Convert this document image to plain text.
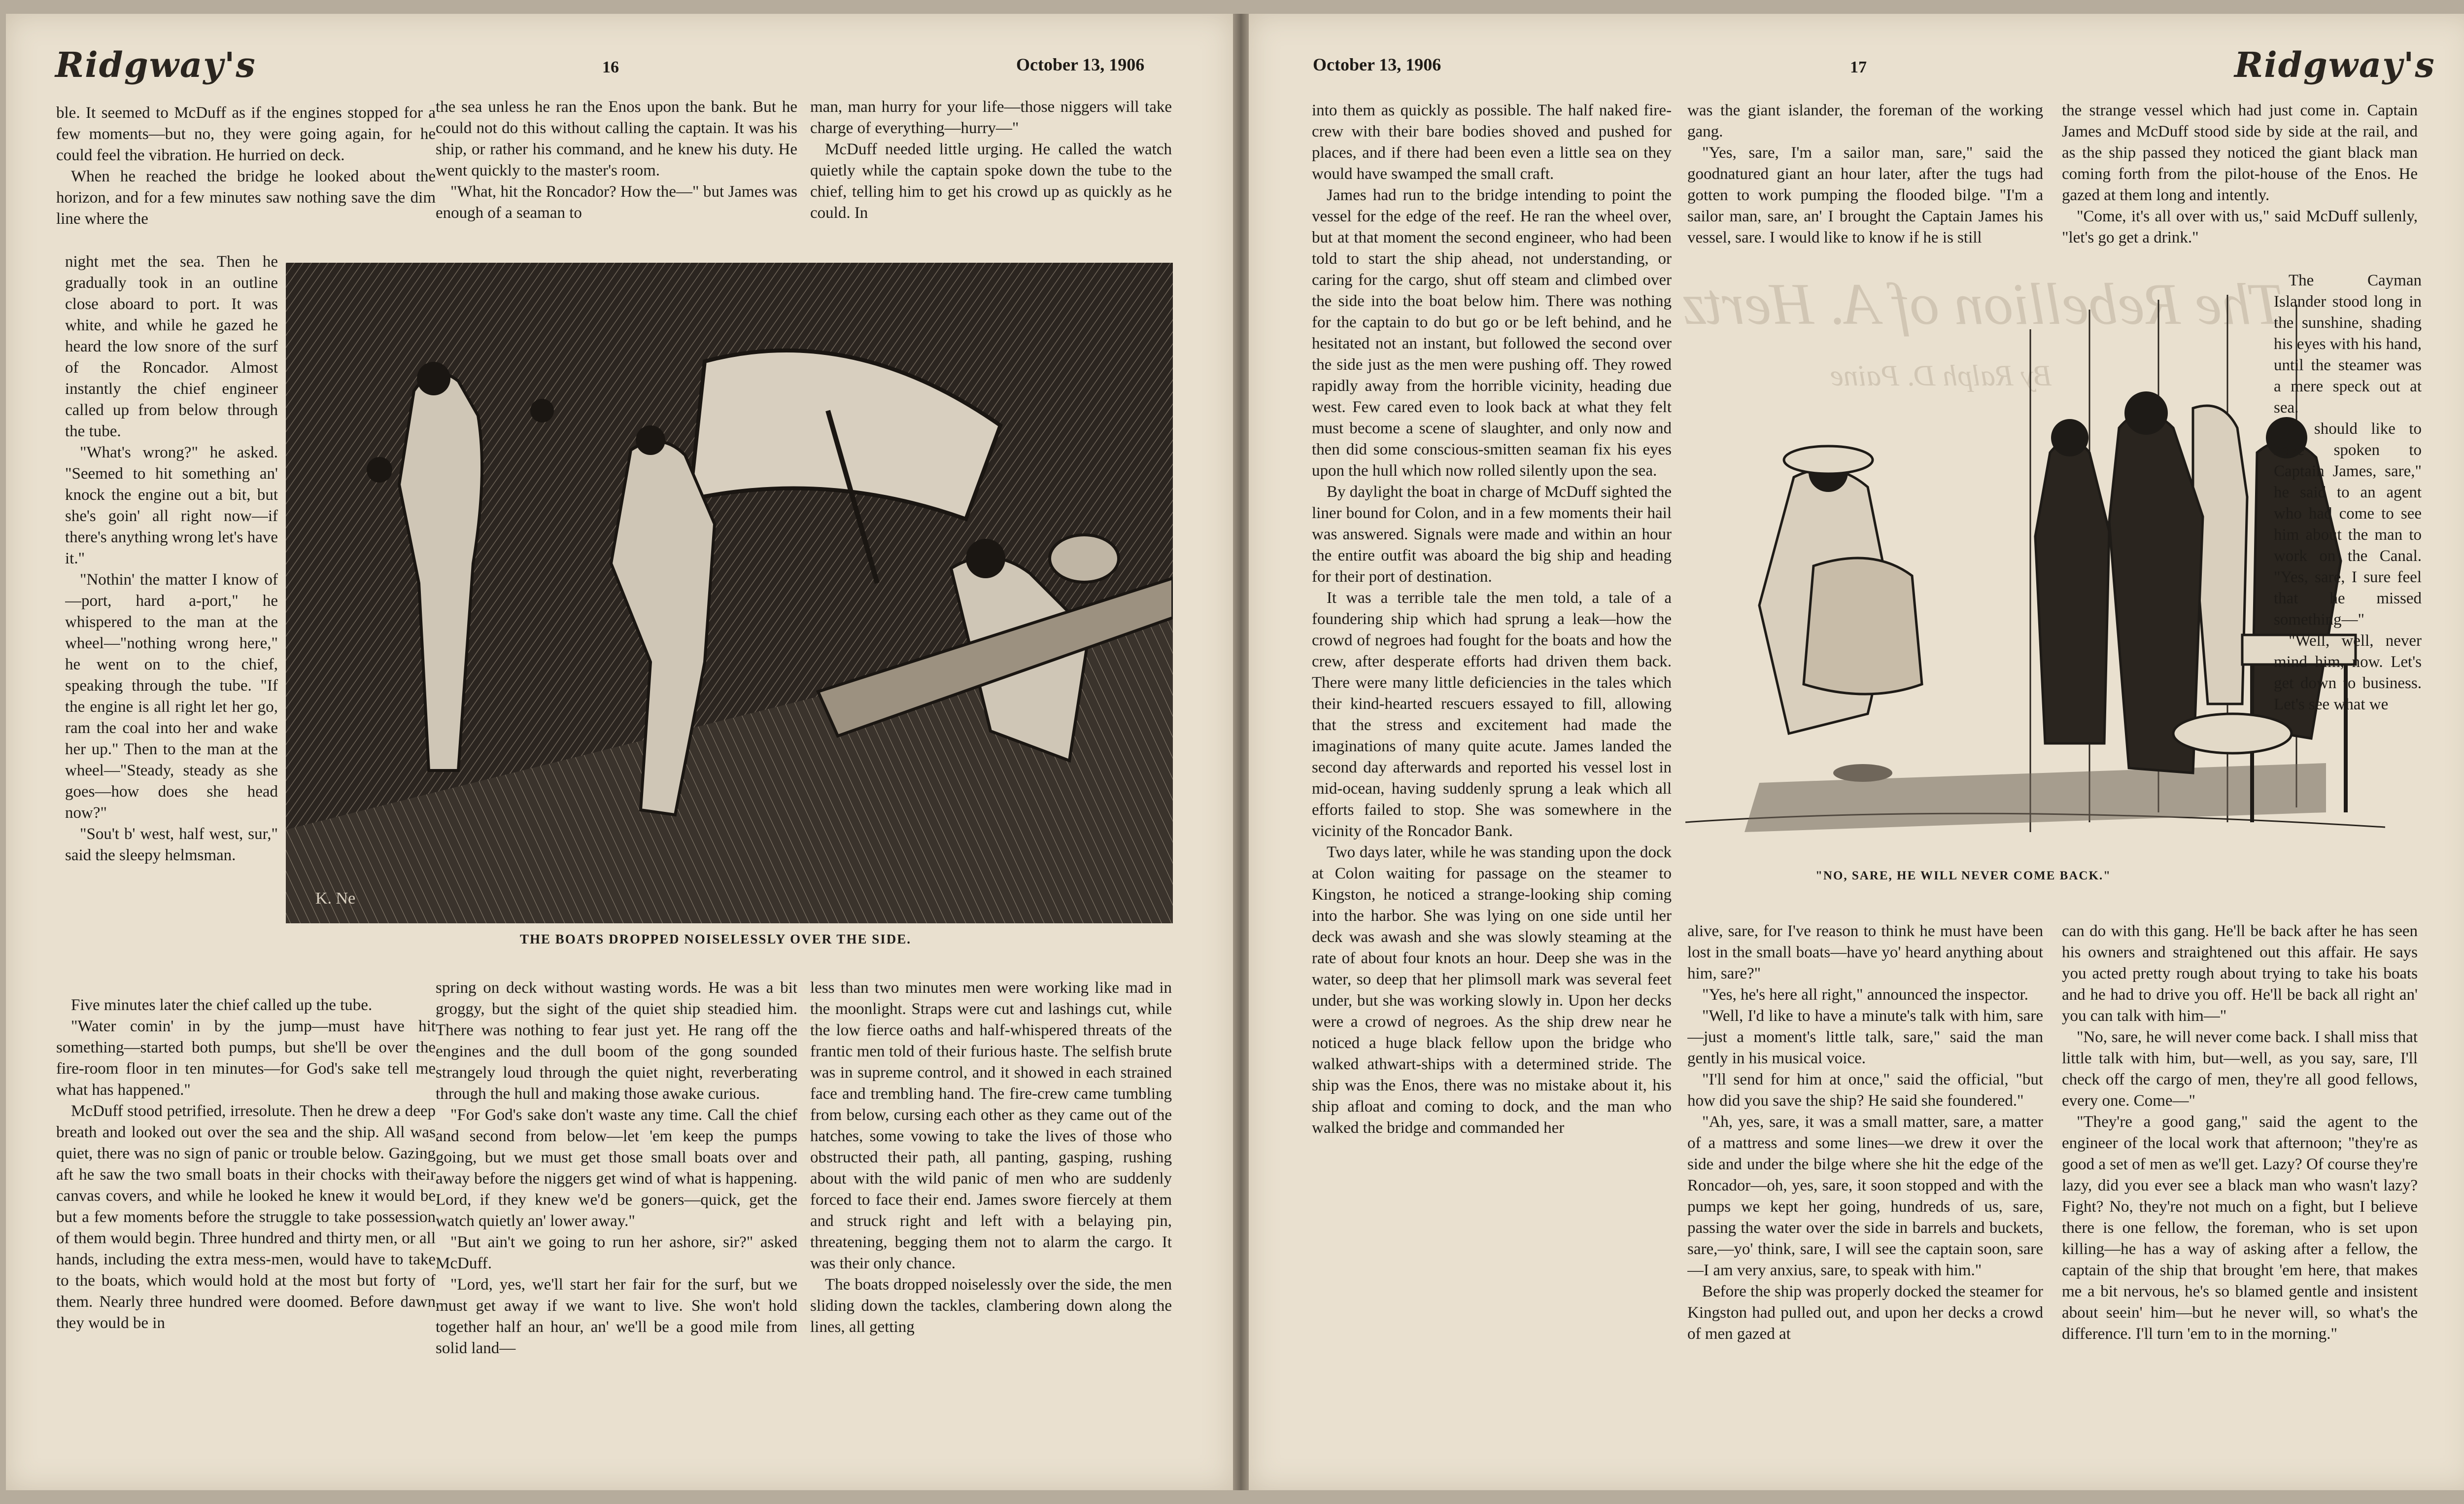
Ridgway's	16	October 13, 1906

ble. It seemed to McDuff as if the engines stopped for a few moments—but no, they were going again, for he could feel the vibration. He hurried on deck.

When he reached the bridge he looked about the horizon, and for a few minutes saw nothing save the dim line where the

night met the sea. Then he gradually took in an outline close aboard to port. It was white, and while he gazed he heard the low snore of the surf of the Roncador. Almost instantly the chief engineer called up from below through the tube.

"What's wrong?" he asked. "Seemed to hit something an' knock the engine out a bit, but she's goin' all right now—if there's anything wrong let's have it."

"Nothin' the matter I know of—port, hard a-port," he whispered to the man at the wheel—"nothing wrong here," he went on to the chief, speaking through the tube. "If the engine is all right let her go, ram the coal into her and wake her up." Then to the man at the wheel—"Steady, steady as she goes—how does she head now?"

"Sou't b' west, half west, sur," said the sleepy helmsman.

Five minutes later the chief called up the tube.

"Water comin' in by the jump—must have hit something—started both pumps, but she'll be over the fire-room floor in ten minutes—for God's sake tell me what has happened."

McDuff stood petrified, irresolute. Then he drew a deep breath and looked out over the sea and the ship. All was quiet, there was no sign of panic or trouble below. Gazing aft he saw the two small boats in their chocks with their canvas covers, and while he looked he knew it would be but a few moments before the struggle to take possession of them would begin. Three hundred and thirty men, or all hands, including the extra mess-men, would have to take to the boats, which would hold at the most but forty of them. Nearly three hundred were doomed. Before dawn they would be in

the sea unless he ran the Enos upon the bank. But he could not do this without calling the captain. It was his ship, or rather his command, and he knew his duty. He went quickly to the master's room.

"What, hit the Roncador? How the—" but James was enough of a seaman to

man, man hurry for your life—those niggers will take charge of everything—hurry—"

McDuff needed little urging. He called the watch quietly while the captain spoke down the tube to the chief, telling him to get his crowd up as quickly as he could. In

K. Ne
THE BOATS DROPPED NOISELESSLY OVER THE SIDE.

spring on deck without wasting words. He was a bit groggy, but the sight of the quiet ship steadied him. There was nothing to fear just yet. He rang off the engines and the dull boom of the gong sounded strangely loud through the quiet night, reverberating through the hull and making those awake curious.

"For God's sake don't waste any time. Call the chief and second from below—let 'em keep the pumps going, but we must get those small boats over and away before the niggers get wind of what is happening. Lord, if they knew we'd be goners—quick, get the watch quietly an' lower away."

"But ain't we going to run her ashore, sir?" asked McDuff.

"Lord, yes, we'll start her fair for the surf, but we must get away if we want to live. She won't hold together half an hour, an' we'll be a good mile from solid land—

less than two minutes men were working like mad in the moonlight. Straps were cut and lashings cut, while the low fierce oaths and half-whispered threats of the frantic men told of their furious haste. The selfish brute was in supreme control, and it showed in each strained face and trembling hand. The fire-crew came tumbling from below, cursing each other as they came out of the hatches, some vowing to take the lives of those who obstructed their path, all panting, gasping, rushing about with the wild panic of men who are suddenly forced to face their end. James swore fiercely at them and struck right and left with a belaying pin, threatening, begging them not to alarm the cargo. It was their only chance.

The boats dropped noiselessly over the side, the men sliding down the tackles, clambering down along the lines, all getting

October 13, 1906	17	Ridgway's
The Rebellion of A. Hertz
By Ralph D. Paine

into them as quickly as possible. The half naked fire-crew with their bare bodies shoved and pushed for places, and if there had been even a little sea on they would have swamped the small craft.

James had run to the bridge intending to point the vessel for the edge of the reef. He ran the wheel over, but at that moment the second engineer, who had been told to start the ship ahead, not understanding, or caring for the cargo, shut off steam and climbed over the side into the boat below him. There was nothing for the captain to do but go or be left behind, and he hesitated not an instant, but followed the second over the side just as the men were pushing off. They rowed rapidly away from the horrible vicinity, heading due west. Few cared even to look back at what they felt must become a scene of slaughter, and only now and then did some conscious-smitten seaman fix his eyes upon the hull which now rolled silently upon the sea.

By daylight the boat in charge of McDuff sighted the liner bound for Colon, and in a few moments their hail was answered. Signals were made and within an hour the entire outfit was aboard the big ship and heading for their port of destination.

It was a terrible tale the men told, a tale of a foundering ship which had sprung a leak—how the crowd of negroes had fought for the boats and how the crew, after desperate efforts had driven them back. There were many little deficiencies in the tales which their kind-hearted rescuers essayed to fill, allowing that the stress and excitement had made the imaginations of many quite acute. James landed the second day afterwards and reported his vessel lost in mid-ocean, having suddenly sprung a leak which all efforts failed to stop. She was somewhere in the vicinity of the Roncador Bank.

Two days later, while he was standing upon the dock at Colon waiting for passage on the steamer to Kingston, he noticed a strange-looking ship coming into the harbor. She was lying on one side until her deck was awash and she was slowly steaming at the rate of about four knots an hour. Deep she was in the water, so deep that her plimsoll mark was several feet under, but she was working slowly in. Upon her decks were a crowd of negroes. As the ship drew near he noticed a huge black fellow upon the bridge who walked athwart-ships with a determined stride. The ship was the Enos, there was no mistake about it, his ship afloat and coming to dock, and the man who walked the bridge and commanded her

was the giant islander, the foreman of the working gang.

"Yes, sare, I'm a sailor man, sare," said the goodnatured giant an hour later, after the tugs had gotten to work pumping the flooded bilge. "I'm a sailor man, sare, an' I brought the Captain James his vessel, sare. I would like to know if he is still

the strange vessel which had just come in. Captain James and McDuff stood side by side at the rail, and as the ship passed they noticed the giant black man coming forth from the pilot-house of the Enos. He gazed at them long and intently.

"Come, it's all over with us," said McDuff sullenly, "let's go get a drink."

"NO, SARE, HE WILL NEVER COME BACK."

The Cayman Islander stood long in the sunshine, shading his eyes with his hand, until the steamer was a mere speck out at sea.

"I should like to have spoken to Captain James, sare," he said to an agent who had come to see him about the man to work on the Canal. "Yes, sare, I sure feel that he missed something—"

"Well, well, never mind him, now. Let's get down to business. Let's see what we

alive, sare, for I've reason to think he must have been lost in the small boats—have yo' heard anything about him, sare?"

"Yes, he's here all right," announced the inspector.

"Well, I'd like to have a minute's talk with him, sare—just a moment's little talk, sare," said the man gently in his musical voice.

"I'll send for him at once," said the official, "but how did you save the ship? He said she foundered."

"Ah, yes, sare, it was a small matter, sare, a matter of a mattress and some lines—we drew it over the side and under the bilge where she hit the edge of the Roncador—oh, yes, sare, it soon stopped and with the pumps we kept her going, hundreds of us, sare, passing the water over the side in barrels and buckets, sare,—yo' think, sare, I will see the captain soon, sare—I am very anxius, sare, to speak with him."

Before the ship was properly docked the steamer for Kingston had pulled out, and upon her decks a crowd of men gazed at

can do with this gang. He'll be back after he has seen his owners and straightened out this affair. He says you acted pretty rough about trying to take his boats and he had to drive you off. He'll be back all right an' you can talk with him—"

"No, sare, he will never come back. I shall miss that little talk with him, but—well, as you say, sare, I'll check off the cargo of men, they're all good fellows, every one. Come—"

"They're a good gang," said the agent to the engineer of the local work that afternoon; "they're as good a set of men as we'll get. Lazy? Of course they're lazy, did you ever see a black man who wasn't lazy? Fight? No, they're not much on a fight, but I believe there is one fellow, the foreman, who is set upon killing—he has a way of asking after a fellow, the captain of the ship that brought 'em here, that makes me a bit nervous, he's so blamed gentle and insistent about seein' him—but he never will, so what's the difference. I'll turn 'em to in the morning."
